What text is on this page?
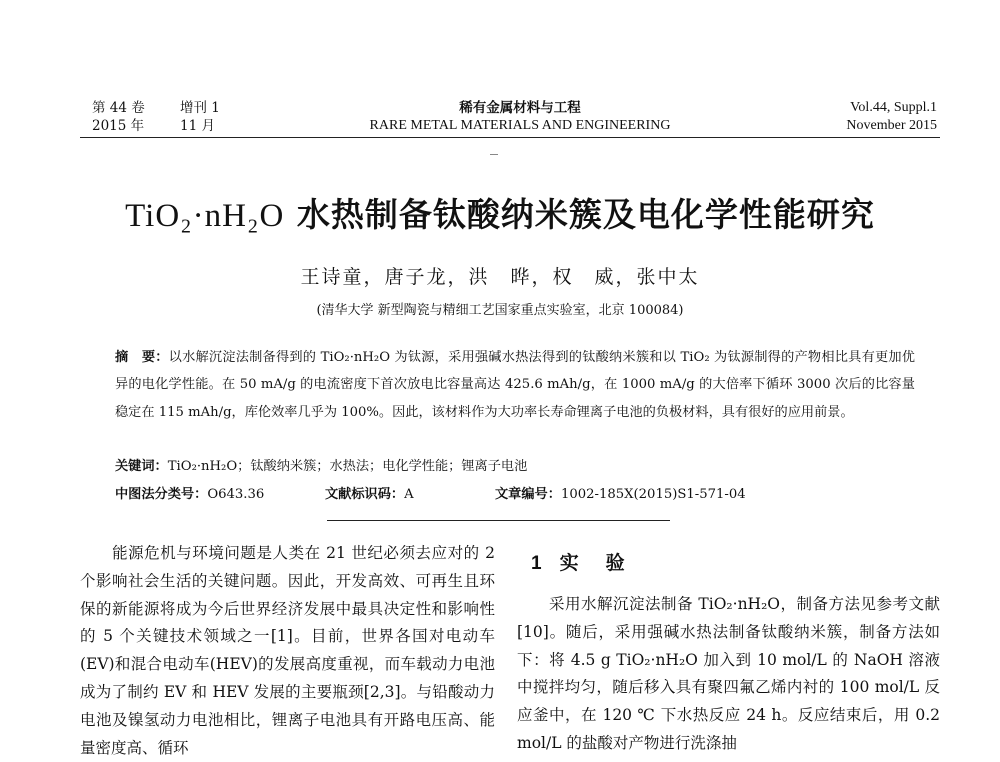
第 44 卷	增刊 1
2015 年	11 月
稀有金属材料与工程
RARE METAL MATERIALS AND ENGINEERING
Vol.44, Suppl.1
November 2015
TiO₂·nH₂O 水热制备钛酸纳米簇及电化学性能研究
王诗童，唐子龙，洪　晔，权　威，张中太
(清华大学 新型陶瓷与精细工艺国家重点实验室，北京 100084)
摘　要：以水解沉淀法制备得到的 TiO₂·nH₂O 为钛源，采用强碱水热法得到的钛酸纳米簇和以 TiO₂ 为钛源制得的产物相比具有更加优异的电化学性能。在 50 mA/g 的电流密度下首次放电比容量高达 425.6 mAh/g，在 1000 mA/g 的大倍率下循环 3000 次后的比容量稳定在 115 mAh/g，库伦效率几乎为 100%。因此，该材料作为大功率长寿命锂离子电池的负极材料，具有很好的应用前景。
关键词：TiO₂·nH₂O；钛酸纳米簇；水热法；电化学性能；锂离子电池
中图法分类号：O643.36	文献标识码：A	文章编号：1002-185X(2015)S1-571-04

　　能源危机与环境问题是人类在 21 世纪必须去应对的 2 个影响社会生活的关键问题。因此，开发高效、可再生且环保的新能源将成为今后世界经济发展中最具决定性和影响性的 5 个关键技术领域之一[1]。目前，世界各国对电动车(EV)和混合电动车(HEV)的发展高度重视，而车载动力电池成为了制约 EV 和 HEV 发展的主要瓶颈[2,3]。与铅酸动力电池及镍氢动力电池相比，锂离子电池具有开路电压高、能量密度高、循环

1 实　验

　　采用水解沉淀法制备 TiO₂·nH₂O，制备方法见参考文献[10]。随后，采用强碱水热法制备钛酸纳米簇，制备方法如下：将 4.5 g TiO₂·nH₂O 加入到 10 mol/L 的 NaOH 溶液中搅拌均匀，随后移入具有聚四氟乙烯内衬的 100 mol/L 反应釜中，在 120 ℃ 下水热反应 24 h。反应结束后，用 0.2 mol/L 的盐酸对产物进行洗涤抽
